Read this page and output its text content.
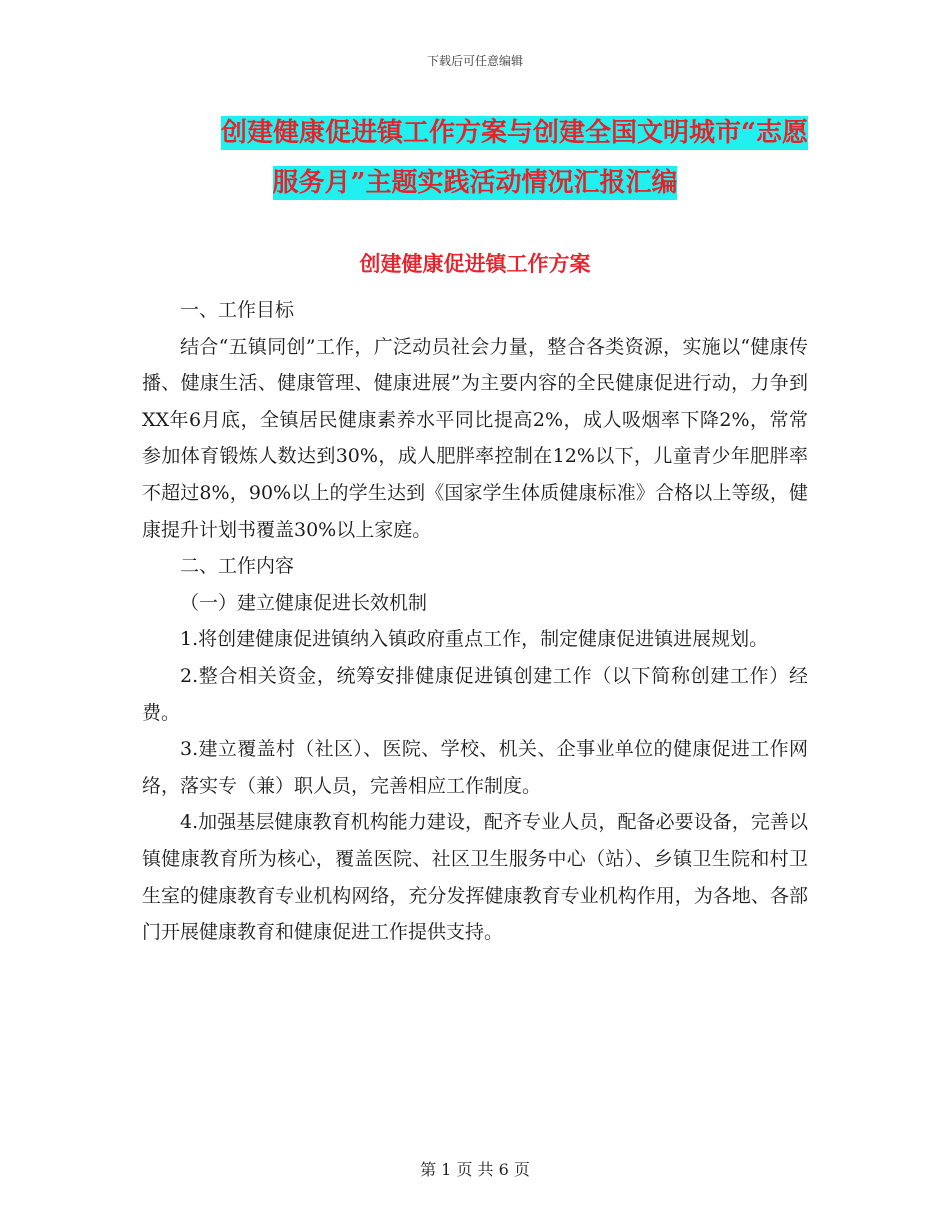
下载后可任意编辑
创建健康促进镇工作方案与创建全国文明城市“志愿
服务月”主题实践活动情况汇报汇编
创建健康促进镇工作方案

一、工作目标

结合“五镇同创”工作，广泛动员社会力量，整合各类资源，实施以“健康传播、健康生活、健康管理、健康进展”为主要内容的全民健康促进行动，力争到XX年6月底，全镇居民健康素养水平同比提高2%，成人吸烟率下降2%，常常参加体育锻炼人数达到30%，成人肥胖率控制在12%以下，儿童青少年肥胖率不超过8%，90%以上的学生达到《国家学生体质健康标准》合格以上等级，健康提升计划书覆盖30%以上家庭。

二、工作内容

（一）建立健康促进长效机制

1.将创建健康促进镇纳入镇政府重点工作，制定健康促进镇进展规划。

2.整合相关资金，统筹安排健康促进镇创建工作（以下简称创建工作）经费。

3.建立覆盖村（社区）、医院、学校、机关、企事业单位的健康促进工作网络，落实专（兼）职人员，完善相应工作制度。

4.加强基层健康教育机构能力建设，配齐专业人员，配备必要设备，完善以镇健康教育所为核心，覆盖医院、社区卫生服务中心（站）、乡镇卫生院和村卫生室的健康教育专业机构网络，充分发挥健康教育专业机构作用，为各地、各部门开展健康教育和健康促进工作提供支持。

第 1 页 共 6 页
